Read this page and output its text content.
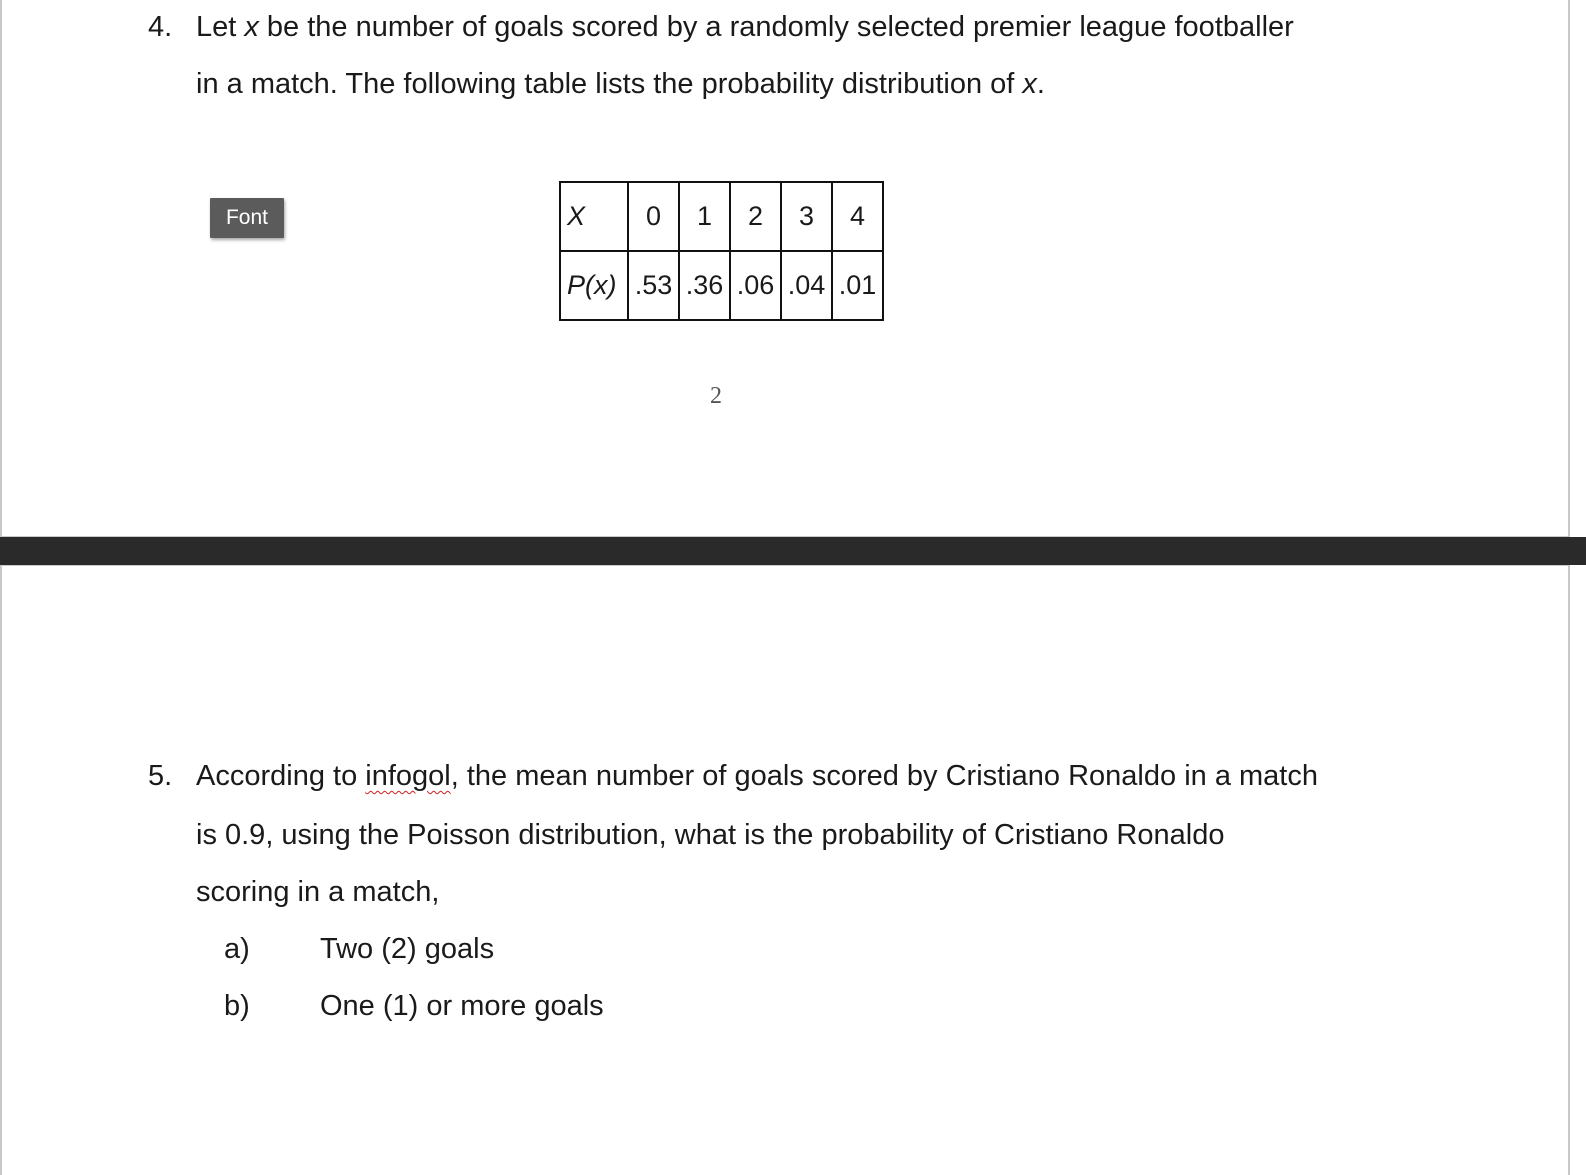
4. Let x be the number of goals scored by a randomly selected premier league footballer
in a match. The following table lists the probability distribution of x.
Font	X	0	1	2	3	4
P(x)	.53	.36	.06	.04	.01
2
5. According to infogol, the mean number of goals scored by Cristiano Ronaldo in a match
is 0.9, using the Poisson distribution, what is the probability of Cristiano Ronaldo
scoring in a match,
a) Two (2) goals
b) One (1) or more goals
